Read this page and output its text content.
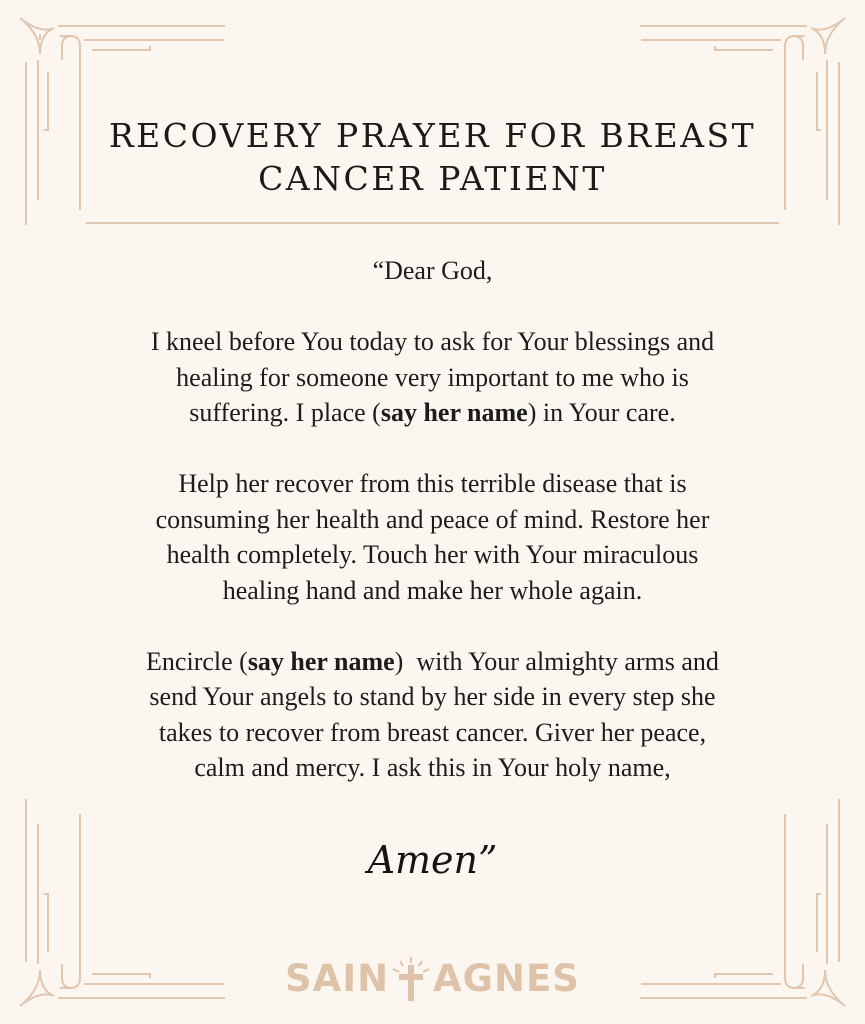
RECOVERY PRAYER FOR BREAST
CANCER PATIENT
“Dear God,
I kneel before You today to ask for Your blessings and
healing for someone very important to me who is
suffering. I place (say her name) in Your care.
Help her recover from this terrible disease that is
consuming her health and peace of mind. Restore her
health completely. Touch her with Your miraculous
healing hand and make her whole again.
Encircle (say her name)  with Your almighty arms and
send Your angels to stand by her side in every step she
takes to recover from breast cancer. Giver her peace,
calm and mercy. I ask this in Your holy name,
Amen”
SAIN AGNES
